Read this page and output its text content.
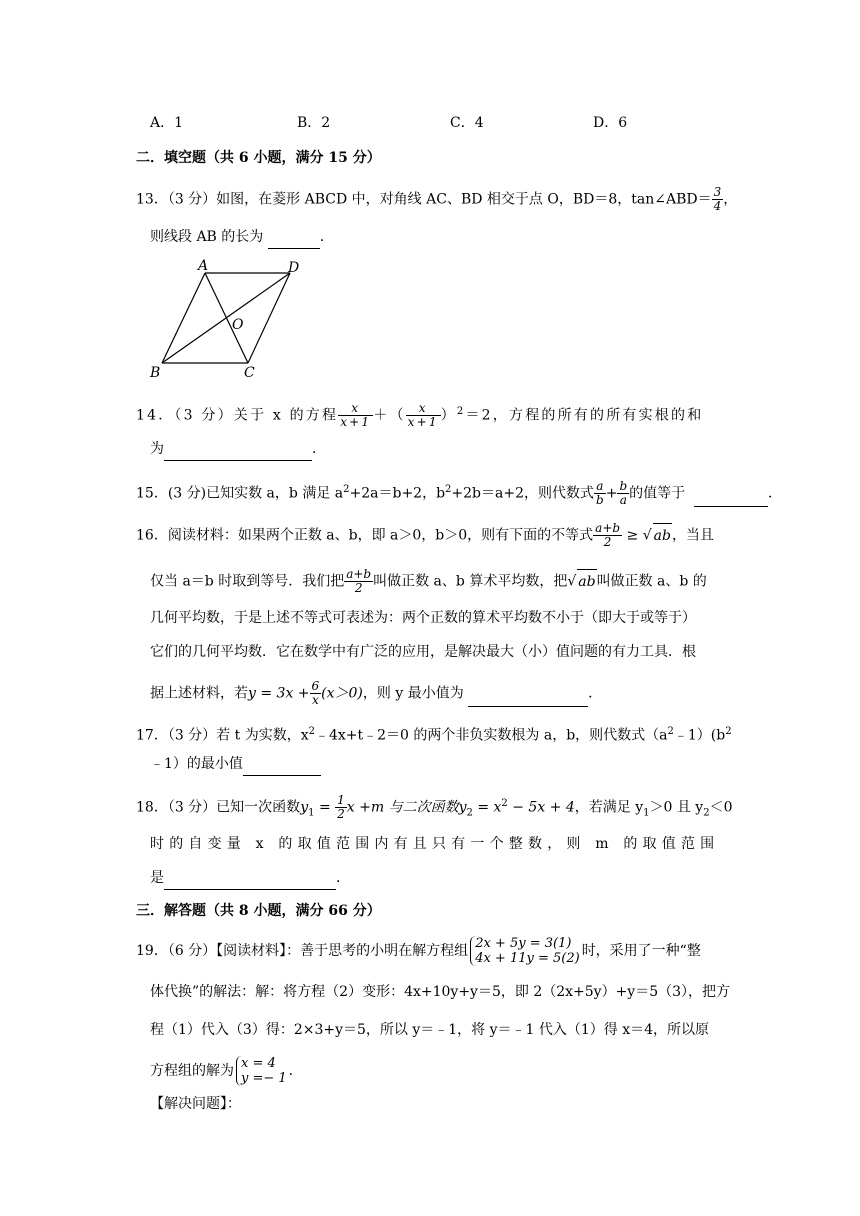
A．1	B．2	C．4	D．6
二．填空题（共 6 小题，满分 15 分）
13．（3 分）如图，在菱形 ABCD 中，对角线 AC、BD 相交于点 O，BD＝8，tan∠ABD＝ $\frac{3}{4}$ ，
则线段 AB 的长为	．
A	D
O
B	C
14．（3 分）关于 x 的方程 $\frac{x}{x+1}$ ＋（ $\frac{x}{x+1} )^2=2$，方程的所有的所有实根的和
为	．
15．(3 分)已知实数 a，b 满足 $a^2+2a=b+2$，$b^2+2b=a+2$，则代数式 $\frac{a}{b} + \frac{b}{a}$ 的值等于	．
16．阅读材料：如果两个正数 a、b，即 a＞0，b＞0，则有下面的不等式 $\frac{a+b}{2}$ ≥ √ ab，当且
仅当 a＝b 时取到等号．我们把 $\frac{a+b}{2}$ 叫做正数 a、b 算术平均数，把√ ab叫做正数 a、b 的
几何平均数，于是上述不等式可表述为：两个正数的算术平均数不小于（即大于或等于）
它们的几何平均数．它在数学中有广泛的应用，是解决最大（小）值问题的有力工具．根
据上述材料，若$y = 3x + \frac{6}{x} (x>0)$，则 y 最小值为	．
17．（3 分）若 t 为实数，$x^2﹣4x+t﹣2=0$ 的两个非负实数根为 a，b，则代数式$(a^2﹣1)(b^2$
﹣1）的最小值
18．（3 分）已知一次函数$y_1 = \frac{1}{2}$ x +m 与二次函数$y_2 = x^2 - 5x + 4$，若满足 $y_1>0$ 且 $y_2<0$
时的自变量 x 的取值范围内有且只有一个整数，则 m 的取值范围
是	．
三．解答题（共 8 小题，满分 66 分）
19．（6 分）【阅读材料】：善于思考的小明在解方程组 2x + 5y = 3(1)
4x + 11y = 5(2) 时，采用了一种“整
体代换”的解法：解：将方程（2）变形：4x+10y+y＝5，即 2（2x+5y）+y＝5（3），把方
程（1）代入（3）得：2×3+y＝5，所以 y＝﹣1，将 y＝﹣1 代入（1）得 x＝4，所以原
方程组的解为 x = 4
y =− 1 ．
【解决问题】：
